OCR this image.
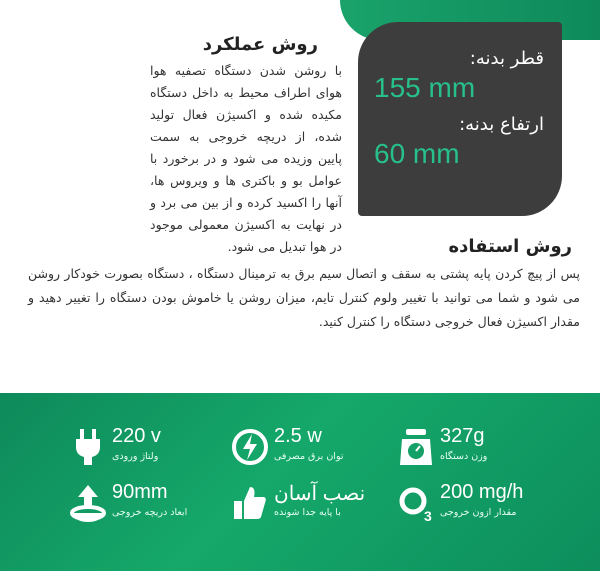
روش عملکرد
با روشن شدن دستگاه تصفیه هوا هوای اطراف محیط به داخل دستگاه مکیده شده و اکسیژن فعال تولید شده، از دریچه خروجی به سمت پایین وزیده می شود و در برخورد با عوامل بو و باکتری ها و ویروس ها، آنها را اکسید کرده و از بین می برد و در نهایت به اکسیژن معمولی موجود در هوا تبدیل می شود.
قطر بدنه:
155 mm
ارتفاع بدنه:
60 mm
روش استفاده
پس از پیچ کردن پایه پشتی به سقف و اتصال سیم برق به ترمینال دستگاه ، دستگاه بصورت خودکار روشن می شود و شما می توانید با تغییر ولوم کنترل تایم، میزان روشن یا خاموش بودن دستگاه را تغییر دهید و مقدار اکسیژن فعال خروجی دستگاه را کنترل کنید.
220 v
ولتاژ ورودی
2.5 w
توان برق مصرفی
327g
وزن دستگاه
90mm
ابعاد دریچه خروجی
نصب آسان
با پایه جدا شونده	3
200 mg/h
مقدار ازون خروجی
